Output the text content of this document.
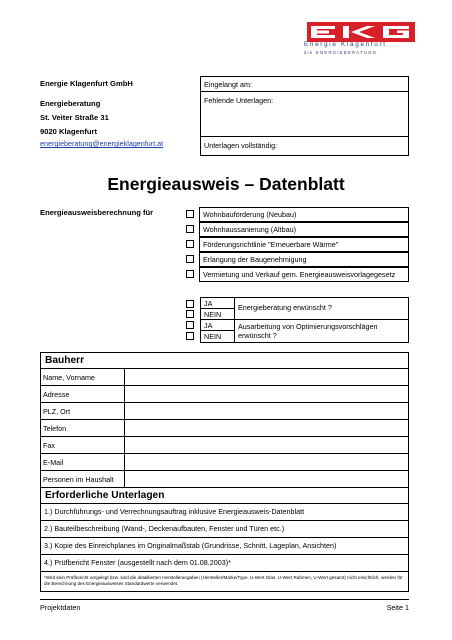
Energie Klagenfurt
die ENERGIEBERATUNG
Energie Klagenfurt GmbH
Energieberatung
St. Veiter Straße 31
9020 Klagenfurt
energieberatung@energieklagenfurt.at
Eingelangt am:
Fehlende Unterlagen:
Unterlagen vollständig:
Energieausweis – Datenblatt
Energieausweisberechnung für	Wohnbauförderung (Neubau)
Wohnhaussanierung (Altbau)
Förderungsrichtlinie "Erneuerbare Wärme"
Erlangung der Baugenehmigung
Vermietung und Verkauf gem. Energieausweisvorlagegesetz
JA
NEIN
JA
NEIN
Energieberatung erwünscht ?
Ausarbeitung von Optimierungsvorschlägen erwünscht ?
Bauherr
Name, Vorname
Adresse
PLZ, Ort
Telefon
Fax
E-Mail
Personen im Haushalt
Erforderliche Unterlagen
1.) Durchführungs- und Verrechnungsauftrag inklusive Energieausweis-Datenblatt
2.) Bauteilbeschreibung (Wand-, Deckenaufbauten, Fenster und Türen etc.)
3.) Kopie des Einreichplanes im Originalmaßstab (Grundrisse, Schnitt, Lageplan, Ansichten)
4.) Prüfbericht Fenster (ausgestellt nach dem 01.08.2003)*
*Wird kein Prüfbericht vorgelegt bzw. sind die detaillierten Herstellerangaben (Hersteller/Marke/Type, U-Wert Glas, U-Wert Rahmen, U-Wert gesamt) nicht ersichtlich, werden für die Berechnung des Energieausweises Standardwerte verwendet.
Projektdaten	Seite 1
